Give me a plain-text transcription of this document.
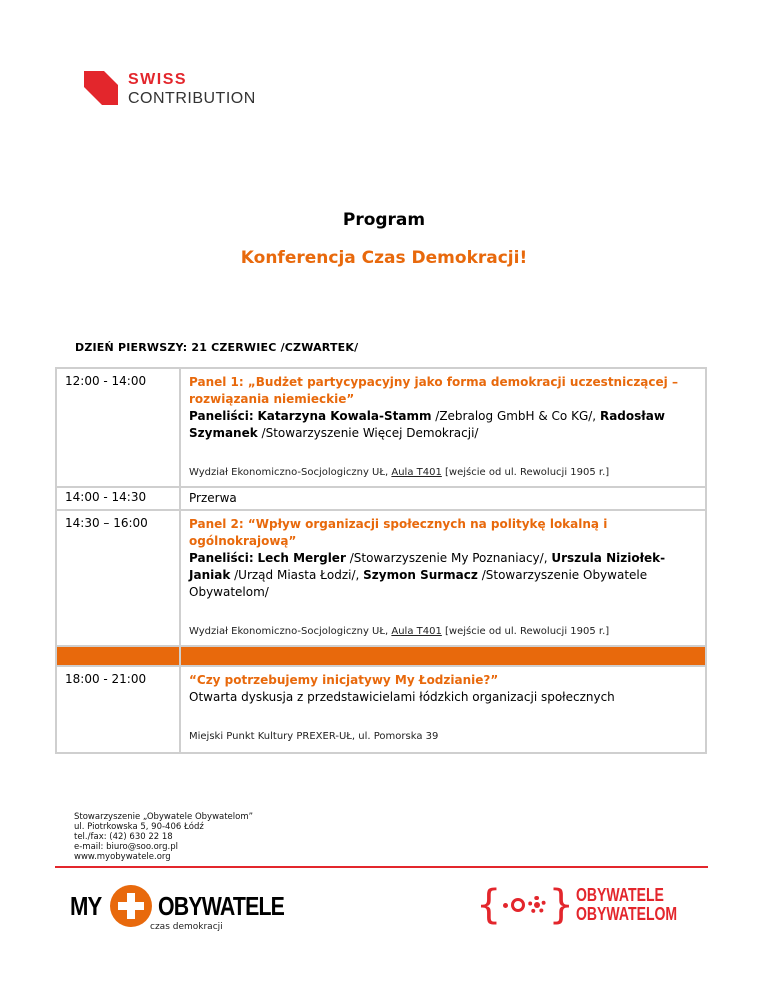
SWISS
CONTRIBUTION
Program
Konferencja Czas Demokracji!
DZIEŃ PIERWSZY: 21 CZERWIEC /CZWARTEK/
12:00 - 14:00	Panel 1: „Budżet partycypacyjny jako forma demokracji uczestniczącej – rozwiązania niemieckie”
Paneliści: Katarzyna Kowala-Stamm /Zebralog GmbH & Co KG/, Radosław Szymanek /Stowarzyszenie Więcej Demokracji/
Wydział Ekonomiczno-Socjologiczny UŁ, Aula T401 [wejście od ul. Rewolucji 1905 r.]
14:00 - 14:30	Przerwa
14:30 – 16:00	Panel 2: “Wpływ organizacji społecznych na politykę lokalną i ogólnokrajową”
Paneliści: Lech Mergler /Stowarzyszenie My Poznaniacy/, Urszula Niziołek-Janiak /Urząd Miasta Łodzi/, Szymon Surmacz /Stowarzyszenie Obywatele Obywatelom/
Wydział Ekonomiczno-Socjologiczny UŁ, Aula T401 [wejście od ul. Rewolucji 1905 r.]
18:00 - 21:00	“Czy potrzebujemy inicjatywy My Łodzianie?”
Otwarta dyskusja z przedstawicielami łódzkich organizacji społecznych
Miejski Punkt Kultury PREXER-UŁ, ul. Pomorska 39
Stowarzyszenie „Obywatele Obywatelom”
ul. Piotrkowska 5, 90-406 Łódź
tel./fax: (42) 630 22 18
e-mail: biuro@soo.org.pl
www.myobywatele.org
MY OBYWATELE
czas demokracji	{ } OBYWATELE
OBYWATELOM
